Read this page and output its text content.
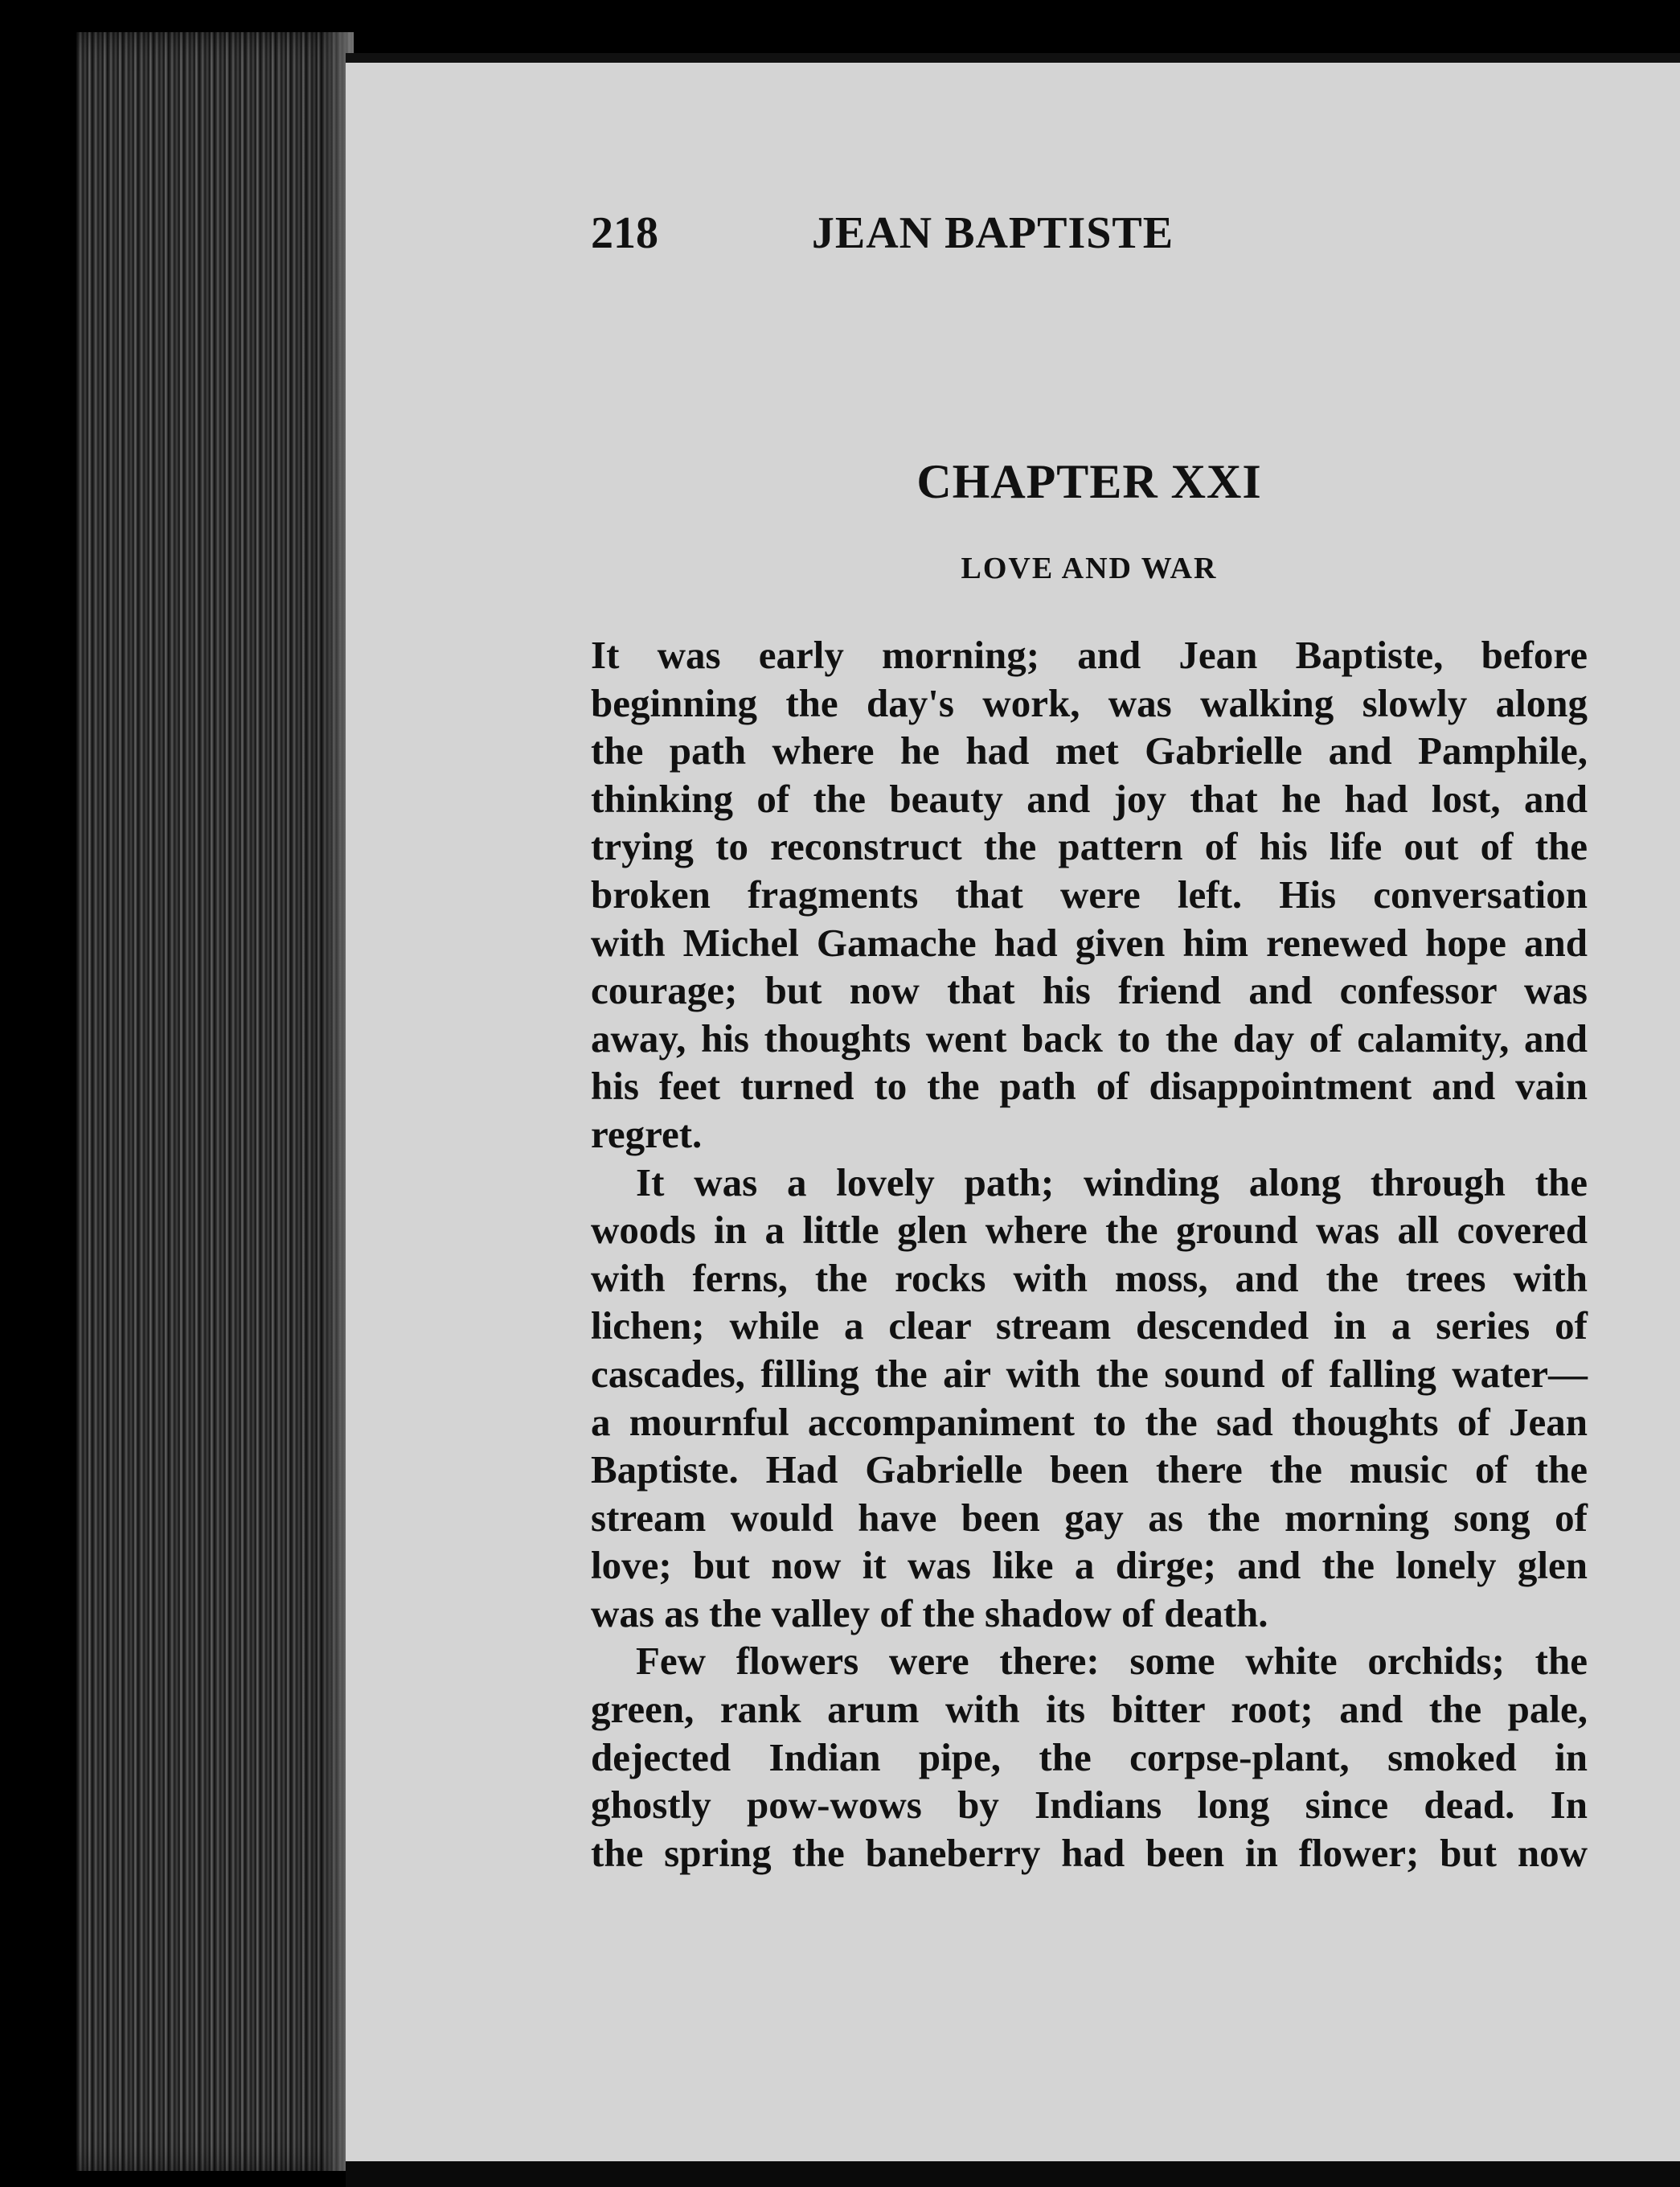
218	JEAN BAPTISTE
CHAPTER XXI
LOVE AND WAR
It was early morning; and Jean Baptiste, before
beginning the day's work, was walking slowly along
the path where he had met Gabrielle and Pamphile,
thinking of the beauty and joy that he had lost, and
trying to reconstruct the pattern of his life out of the
broken fragments that were left. His conversation
with Michel Gamache had given him renewed hope and
courage; but now that his friend and confessor was
away, his thoughts went back to the day of calamity, and
his feet turned to the path of disappointment and vain
regret.
It was a lovely path; winding along through the
woods in a little glen where the ground was all covered
with ferns, the rocks with moss, and the trees with
lichen; while a clear stream descended in a series of
cascades, filling the air with the sound of falling water—
a mournful accompaniment to the sad thoughts of Jean
Baptiste. Had Gabrielle been there the music of the
stream would have been gay as the morning song of
love; but now it was like a dirge; and the lonely glen
was as the valley of the shadow of death.
Few flowers were there: some white orchids; the
green, rank arum with its bitter root; and the pale,
dejected Indian pipe, the corpse-plant, smoked in
ghostly pow-wows by Indians long since dead. In
the spring the baneberry had been in flower; but now
